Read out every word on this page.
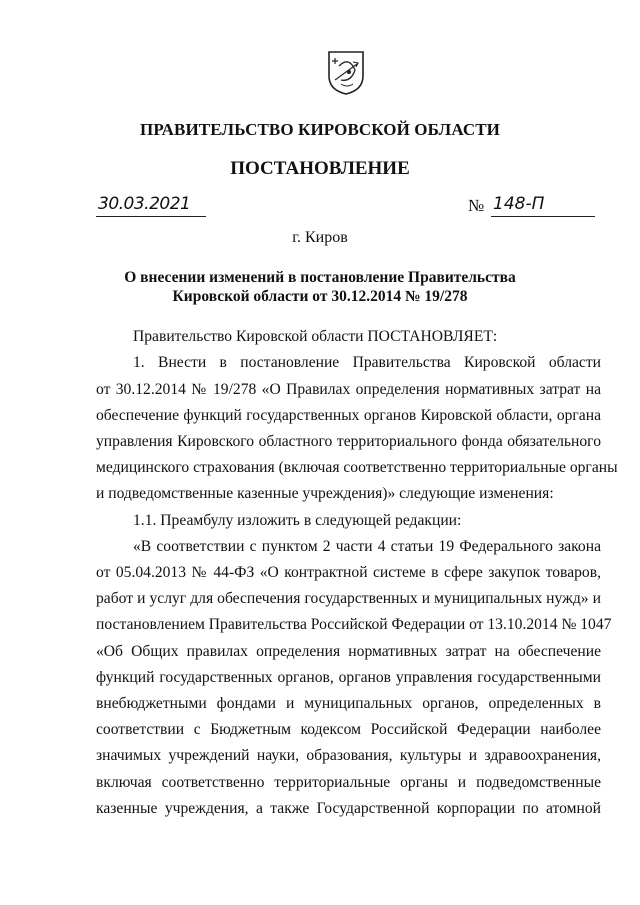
ПРАВИТЕЛЬСТВО КИРОВСКОЙ ОБЛАСТИ
ПОСТАНОВЛЕНИЕ
30.03.2021	№ 148-П
г. Киров
О внесении изменений в постановление Правительства
Кировской области от 30.12.2014 № 19/278
Правительство Кировской области ПОСТАНОВЛЯЕТ:
1. Внести в постановление Правительства Кировской области
от 30.12.2014 № 19/278 «О Правилах определения нормативных затрат на
обеспечение функций государственных органов Кировской области, органа
управления Кировского областного территориального фонда обязательного
медицинского страхования (включая соответственно территориальные органы
и подведомственные казенные учреждения)» следующие изменения:
1.1. Преамбулу изложить в следующей редакции:
«В соответствии с пунктом 2 части 4 статьи 19 Федерального закона
от 05.04.2013 № 44-ФЗ «О контрактной системе в сфере закупок товаров,
работ и услуг для обеспечения государственных и муниципальных нужд» и
постановлением Правительства Российской Федерации от 13.10.2014 № 1047
«Об Общих правилах определения нормативных затрат на обеспечение
функций государственных органов, органов управления государственными
внебюджетными фондами и муниципальных органов, определенных в
соответствии с Бюджетным кодексом Российской Федерации наиболее
значимых учреждений науки, образования, культуры и здравоохранения,
включая соответственно территориальные органы и подведомственные
казенные учреждения, а также Государственной корпорации по атомной
